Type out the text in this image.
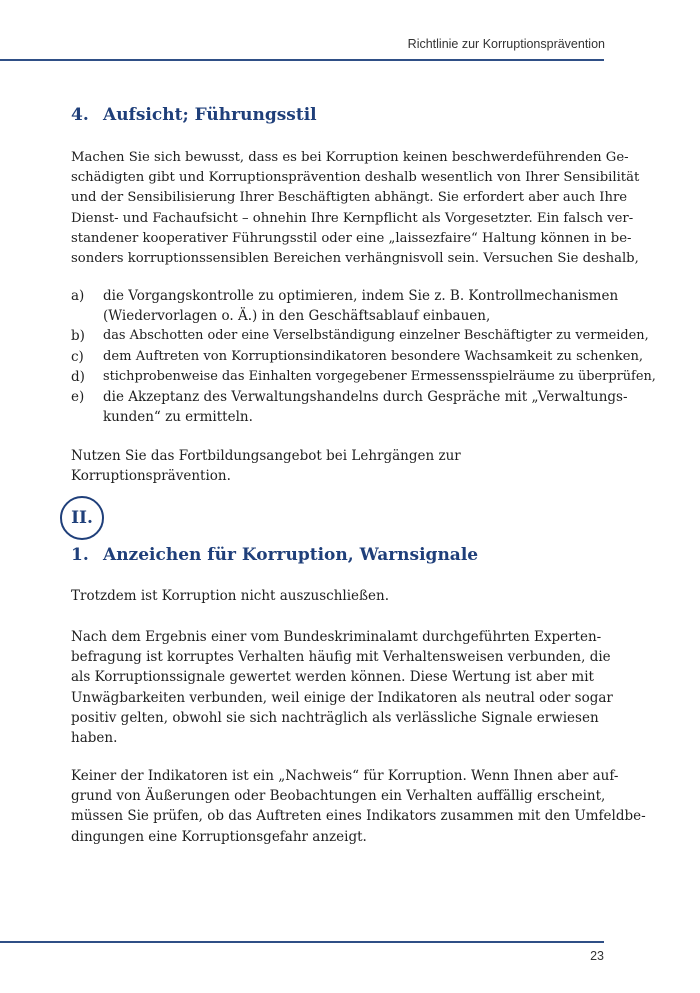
Richtlinie zur Korruptionsprävention
4. Aufsicht; Führungsstil

Machen Sie sich bewusst, dass es bei Korruption keinen beschwerdeführenden Ge-
schädigten gibt und Korruptionsprävention deshalb wesentlich von Ihrer Sensibilität
und der Sensibilisierung Ihrer Beschäftigten abhängt. Sie erfordert aber auch Ihre
Dienst- und Fachaufsicht – ohnehin Ihre Kernpflicht als Vorgesetzter. Ein falsch ver-
standener kooperativer Führungsstil oder eine „laissezfaire“ Haltung können in be-
sonders korruptionssensiblen Bereichen verhängnisvoll sein. Versuchen Sie deshalb,

a)	die Vorgangskontrolle zu optimieren, indem Sie z. B. Kontrollmechanismen
(Wiedervorlagen o. Ä.) in den Geschäftsablauf einbauen,
b)	das Abschotten oder eine Verselbständigung einzelner Beschäftigter zu vermeiden,
c)	dem Auftreten von Korruptionsindikatoren besondere Wachsamkeit zu schenken,
d)	stichprobenweise das Einhalten vorgegebener Ermessensspielräume zu überprüfen,
e)	die Akzeptanz des Verwaltungshandelns durch Gespräche mit „Verwaltungs-
kunden“ zu ermitteln.

Nutzen Sie das Fortbildungsangebot bei Lehrgängen zur Korruptionsprävention.

II.
1. Anzeichen für Korruption, Warnsignale

Trotzdem ist Korruption nicht auszuschließen.

Nach dem Ergebnis einer vom Bundeskriminalamt durchgeführten Experten-
befragung ist korruptes Verhalten häufig mit Verhaltensweisen verbunden, die
als Korruptionssignale gewertet werden können. Diese Wertung ist aber mit
Unwägbarkeiten verbunden, weil einige der Indikatoren als neutral oder sogar
positiv gelten, obwohl sie sich nachträglich als verlässliche Signale erwiesen
haben.

Keiner der Indikatoren ist ein „Nachweis“ für Korruption. Wenn Ihnen aber auf-
grund von Äußerungen oder Beobachtungen ein Verhalten auffällig erscheint,
müssen Sie prüfen, ob das Auftreten eines Indikators zusammen mit den Umfeldbe-
dingungen eine Korruptionsgefahr anzeigt.

23
